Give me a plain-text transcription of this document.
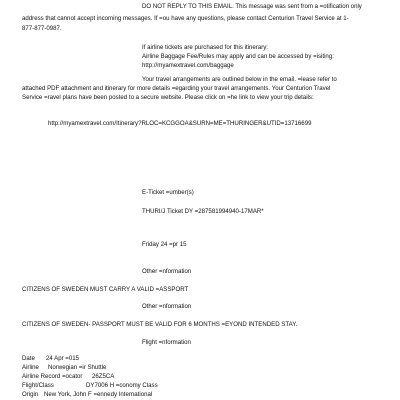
DO NOT REPLY TO THIS EMAIL. This message was sent from a =otification only
address that cannot accept incoming messages. If =ou have any questions, please contact Centurion Travel Service at 1-
877-877-0987.
If airline tickets are purchased for this itinerary:
Airline Baggage Fee/Rules may apply and can be accessed by =isiting:
http://myamextravel.com/baggage
Your travel arrangements are outlined below in the email. =lease refer to
attached PDF attachment and itinerary for more details =egarding your travel arrangements. Your Centurion Travel
Service =ravel plans have been posted to a secure website. Please click on =he link to view your trip details:
http://myamextravel.com/Itinerary?RLOC=KCGGOA&SURN=ME=THURINGER&UTID=13716699
E-Ticket =umber(s)
THURI/J Ticket DY =287581994940-17MAR*
Friday 24 =pr 15
Other =nformation
CITIZENS OF SWEDEN MUST CARRY A VALID =ASSPORT
Other =nformation
CITIZENS OF SWEDEN- PASSPORT MUST BE VALID FOR 6 MONTHS =EYOND INTENDED STAY.
Flight =nformation
Date 24 Apr =015
Airline Norwegian =ir Shuttle
Airline Record =ocator 26Z5CA
Flight/Class	DY7006 H =conomy Class
Origin New York, John F =ennedy International
